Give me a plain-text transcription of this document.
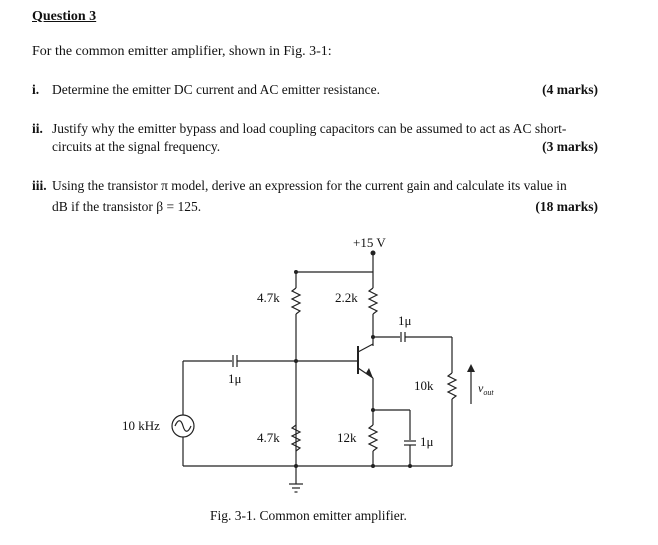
Question 3
For the common emitter amplifier, shown in Fig. 3-1:
i. Determine the emitter DC current and AC emitter resistance.	(4 marks)
ii. Justify why the emitter bypass and load coupling capacitors can be assumed to act as AC short-
circuits at the signal frequency.	(3 marks)
iii. Using the transistor π model, derive an expression for the current gain and calculate its value in
dB if the transistor β = 125.	(18 marks)
+15 V
4.7k	2.2k
1μ
1μ	10k	$v_{out}$
10 kHz
4.7k	12k	1μ
Fig. 3-1. Common emitter amplifier.
